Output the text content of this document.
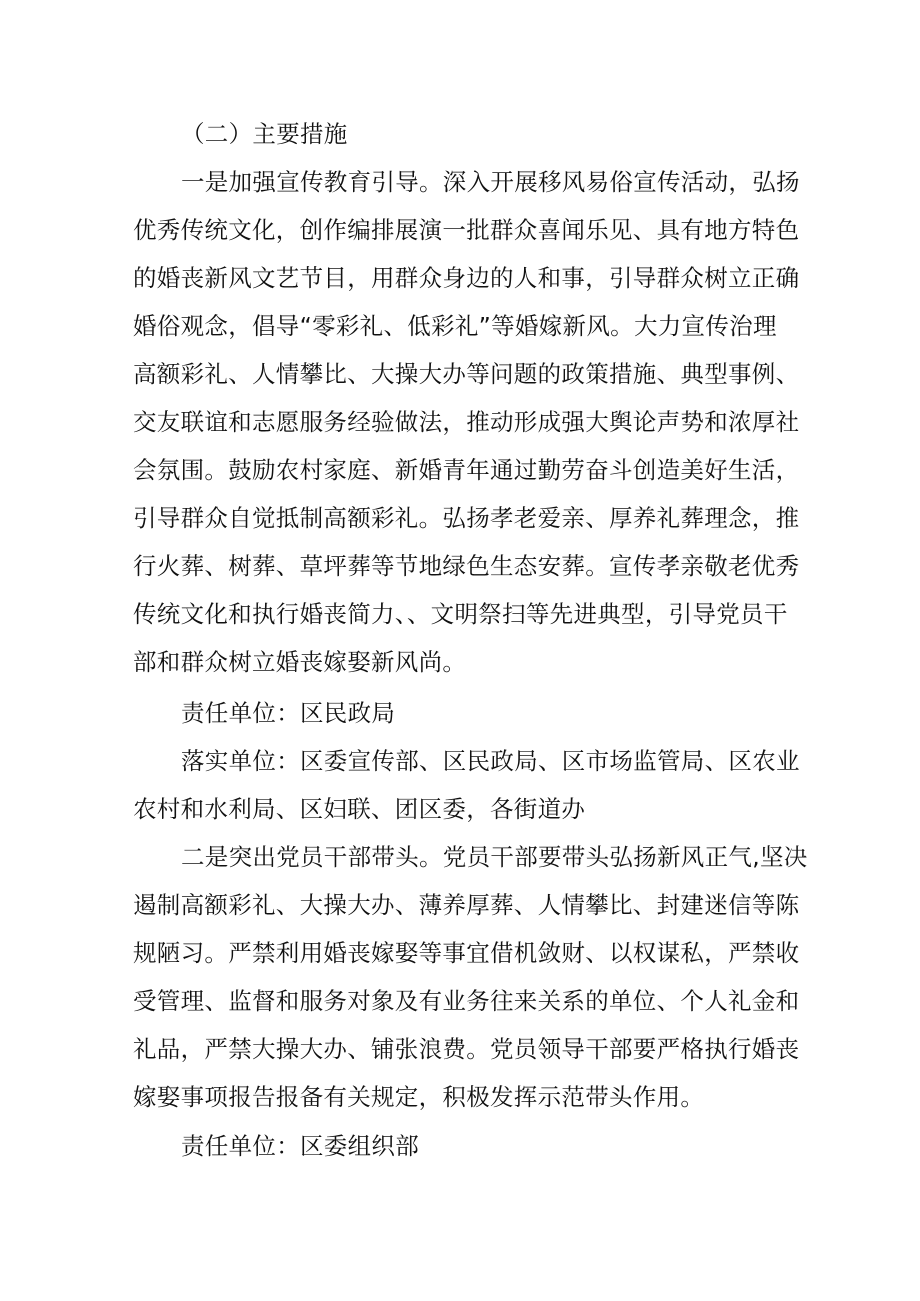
（二）主要措施
一是加强宣传教育引导。深入开展移风易俗宣传活动，弘扬
优秀传统文化，创作编排展演一批群众喜闻乐见、具有地方特色
的婚丧新风文艺节目，用群众身边的人和事，引导群众树立正确
婚俗观念，倡导“零彩礼、低彩礼”等婚嫁新风。大力宣传治理
高额彩礼、人情攀比、大操大办等问题的政策措施、典型事例、
交友联谊和志愿服务经验做法，推动形成强大舆论声势和浓厚社
会氛围。鼓励农村家庭、新婚青年通过勤劳奋斗创造美好生活，
引导群众自觉抵制高额彩礼。弘扬孝老爱亲、厚养礼葬理念，推
行火葬、树葬、草坪葬等节地绿色生态安葬。宣传孝亲敬老优秀
传统文化和执行婚丧简力、、文明祭扫等先进典型，引导党员干
部和群众树立婚丧嫁娶新风尚。
责任单位：区民政局
落实单位：区委宣传部、区民政局、区市场监管局、区农业
农村和水利局、区妇联、团区委，各街道办
二是突出党员干部带头。党员干部要带头弘扬新风正气,坚决
遏制高额彩礼、大操大办、薄养厚葬、人情攀比、封建迷信等陈
规陋习。严禁利用婚丧嫁娶等事宜借机敛财、以权谋私，严禁收
受管理、监督和服务对象及有业务往来关系的单位、个人礼金和
礼品，严禁大操大办、铺张浪费。党员领导干部要严格执行婚丧
嫁娶事项报告报备有关规定，积极发挥示范带头作用。
责任单位：区委组织部
